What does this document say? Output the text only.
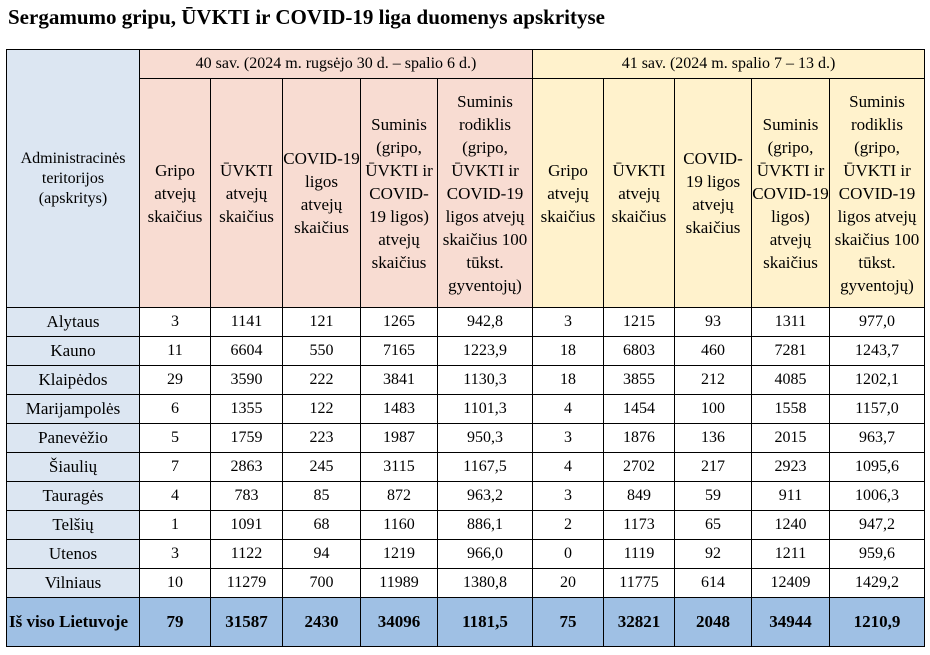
Sergamumo gripu, ŪVKTI ir COVID-19 liga duomenys apskrityse
Administracinės teritorijos (apskritys)	40 sav. (2024 m. rugsėjo 30 d. – spalio 6 d.)					41 sav. (2024 m. spalio 7 – 13 d.)				
	Gripo atvejų skaičius	ŪVKTI atvejų skaičius	COVID-19 ligos atvejų skaičius	Suminis (gripo, ŪVKTI ir COVID-19 ligos) atvejų skaičius	Suminis rodiklis (gripo, ŪVKTI ir COVID-19 ligos atvejų skaičius 100 tūkst. gyventojų)	Gripo atvejų skaičius	ŪVKTI atvejų skaičius	COVID-19 ligos atvejų skaičius	Suminis (gripo, ŪVKTI ir COVID-19 ligos) atvejų skaičius	Suminis rodiklis (gripo, ŪVKTI ir COVID-19 ligos atvejų skaičius 100 tūkst. gyventojų)
Alytaus	3	1141	121	1265	942,8	3	1215	93	1311	977,0
Kauno	11	6604	550	7165	1223,9	18	6803	460	7281	1243,7
Klaipėdos	29	3590	222	3841	1130,3	18	3855	212	4085	1202,1
Marijampolės	6	1355	122	1483	1101,3	4	1454	100	1558	1157,0
Panevėžio	5	1759	223	1987	950,3	3	1876	136	2015	963,7
Šiaulių	7	2863	245	3115	1167,5	4	2702	217	2923	1095,6
Tauragės	4	783	85	872	963,2	3	849	59	911	1006,3
Telšių	1	1091	68	1160	886,1	2	1173	65	1240	947,2
Utenos	3	1122	94	1219	966,0	0	1119	92	1211	959,6
Vilniaus	10	11279	700	11989	1380,8	20	11775	614	12409	1429,2
Iš viso Lietuvoje	79	31587	2430	34096	1181,5	75	32821	2048	34944	1210,9
